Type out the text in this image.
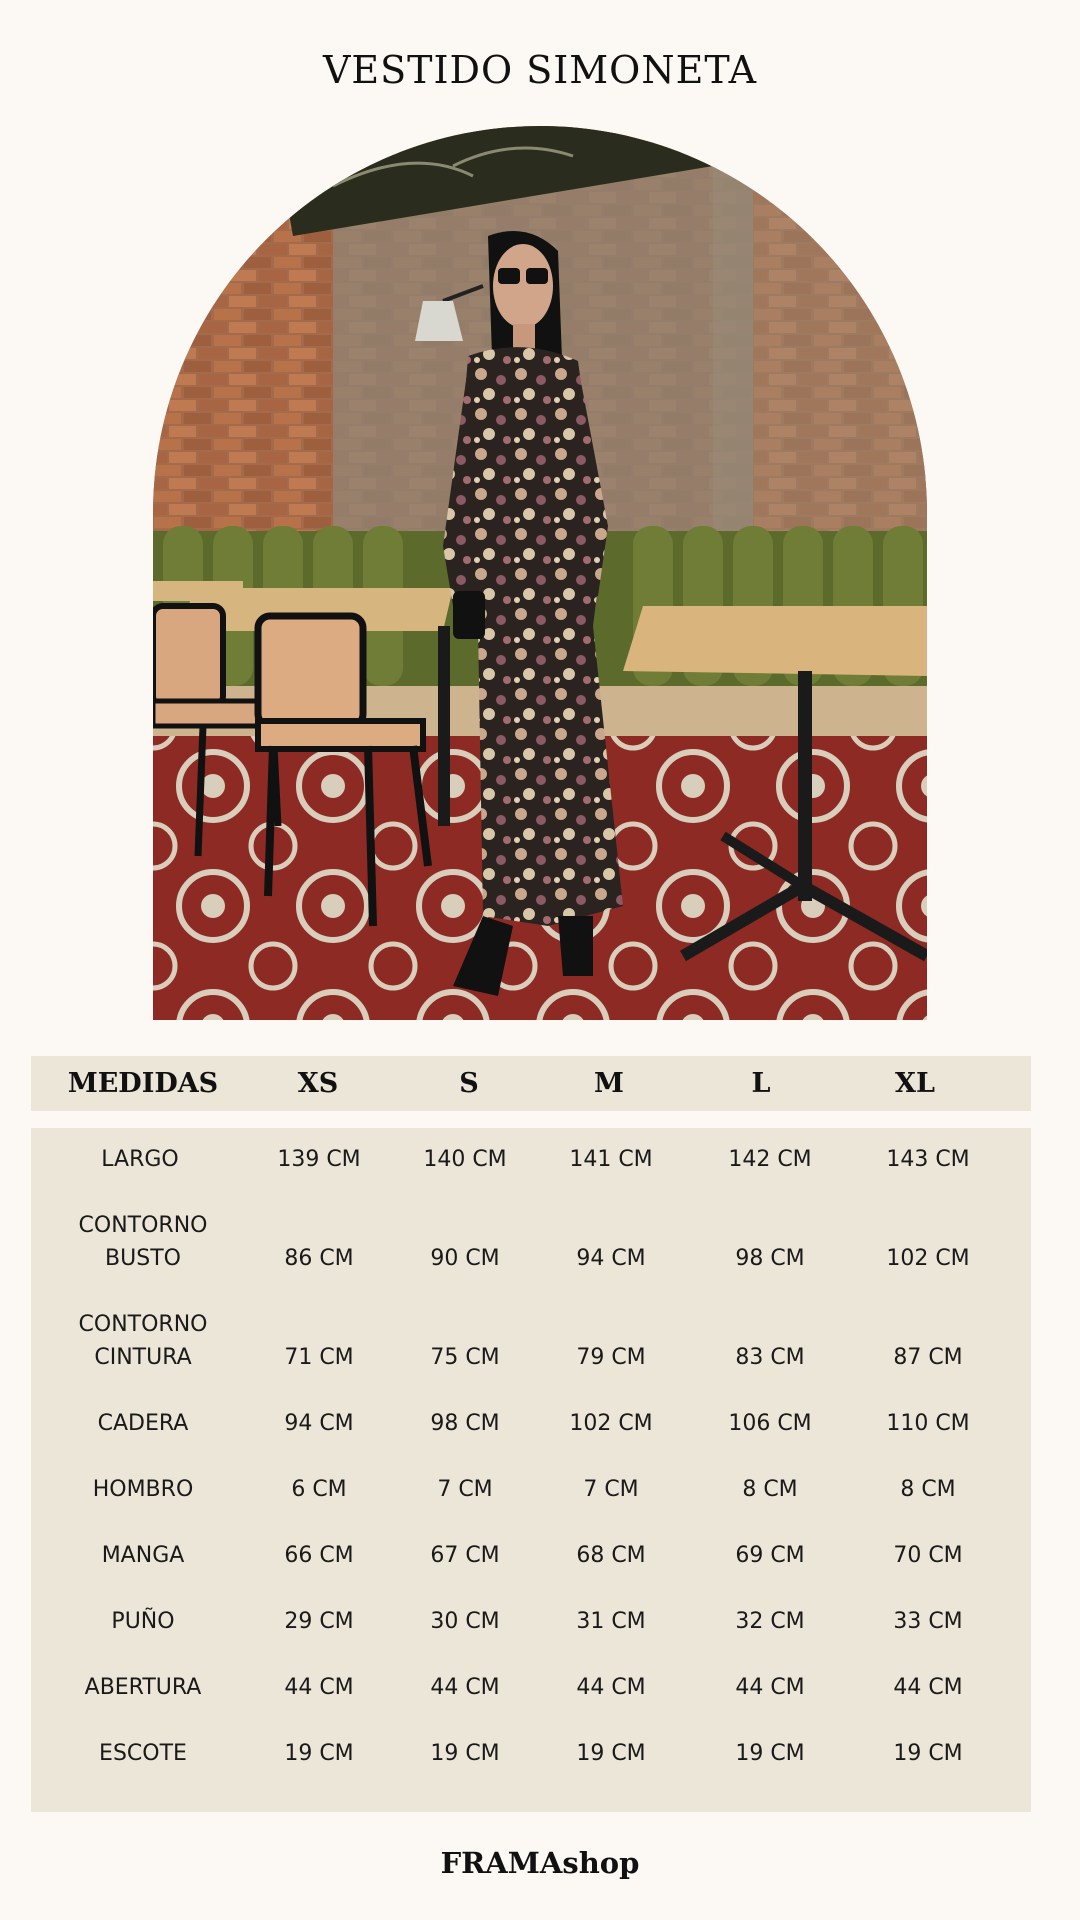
VESTIDO SIMONETA
MEDIDAS	XS	S	M	L	XL
LARGO	139 CM	140 CM	141 CM	142 CM	143 CM
CONTORNO
BUSTO	86 CM	90 CM	94 CM	98 CM	102 CM
CONTORNO
CINTURA	71 CM	75 CM	79 CM	83 CM	87 CM
CADERA	94 CM	98 CM	102 CM	106 CM	110 CM
HOMBRO	6 CM	7 CM	7 CM	8 CM	8 CM
MANGA	66 CM	67 CM	68 CM	69 CM	70 CM
PUÑO	29 CM	30 CM	31 CM	32 CM	33 CM
ABERTURA	44 CM	44 CM	44 CM	44 CM	44 CM
ESCOTE	19 CM	19 CM	19 CM	19 CM	19 CM
FRAMAshop
